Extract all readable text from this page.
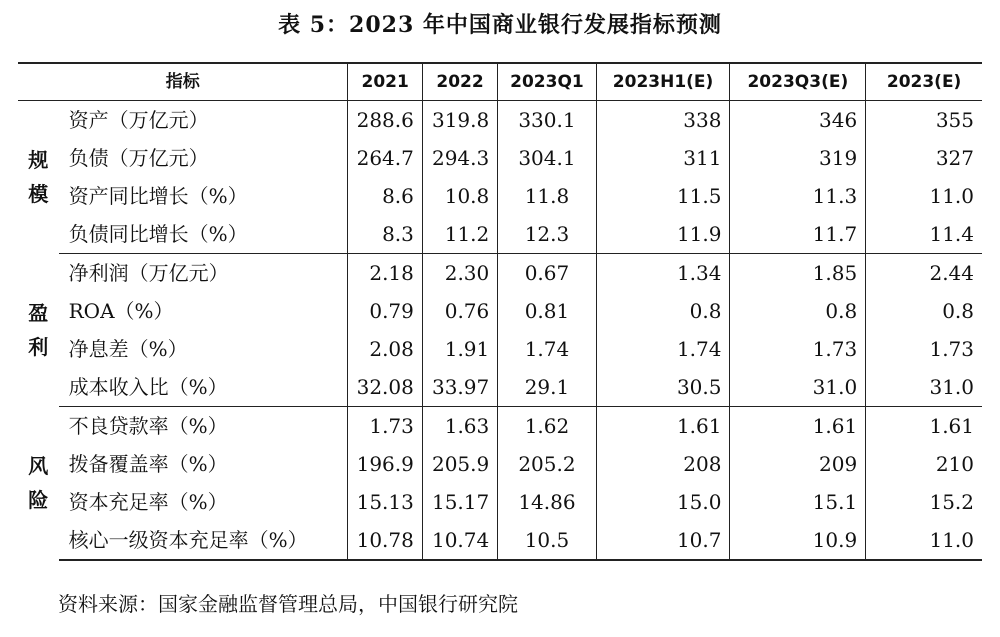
表 5：2023 年中国商业银行发展指标预测
指标		2021	2022	2023Q1	2023H1(E)	2023Q3(E)	2023(E)

规
模	资产（万亿元）	288.6	319.8	330.1	338	346	355
	负债（万亿元）	264.7	294.3	304.1	311	319	327
	资产同比增长（%）	8.6	10.8	11.8	11.5	11.3	11.0
	负债同比增长（%）	8.3	11.2	12.3	11.9	11.7	11.4

盈
利	净利润（万亿元）	2.18	2.30	0.67	1.34	1.85	2.44
	ROA（%）	0.79	0.76	0.81	0.8	0.8	0.8
	净息差（%）	2.08	1.91	1.74	1.74	1.73	1.73
	成本收入比（%）	32.08	33.97	29.1	30.5	31.0	31.0

风
险	不良贷款率（%）	1.73	1.63	1.62	1.61	1.61	1.61
	拨备覆盖率（%）	196.9	205.9	205.2	208	209	210
	资本充足率（%）	15.13	15.17	14.86	15.0	15.1	15.2
	核心一级资本充足率（%）	10.78	10.74	10.5	10.7	10.9	11.0
资料来源：国家金融监督管理总局，中国银行研究院
